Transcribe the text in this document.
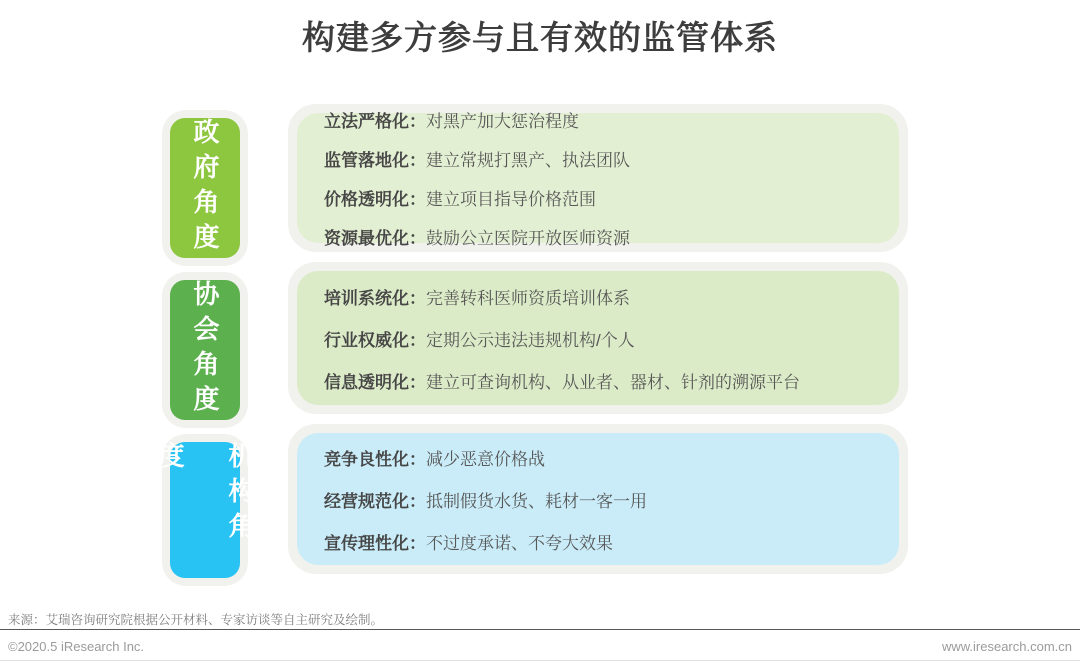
构建多方参与且有效的监管体系
政府角度	立法严格化：对黑产加大惩治程度
监管落地化：建立常规打黑产、执法团队
价格透明化：建立项目指导价格范围
资源最优化：鼓励公立医院开放医师资源
协会角度	培训系统化：完善转科医师资质培训体系
行业权威化：定期公示违法违规机构/个人
信息透明化：建立可查询机构、从业者、器材、针剂的溯源平台
机构角度	竞争良性化：减少恶意价格战
经营规范化：抵制假货水货、耗材一客一用
宣传理性化：不过度承诺、不夸大效果
来源：艾瑞咨询研究院根据公开材料、专家访谈等自主研究及绘制。
©2020.5 iResearch Inc.	www.iresearch.com.cn
